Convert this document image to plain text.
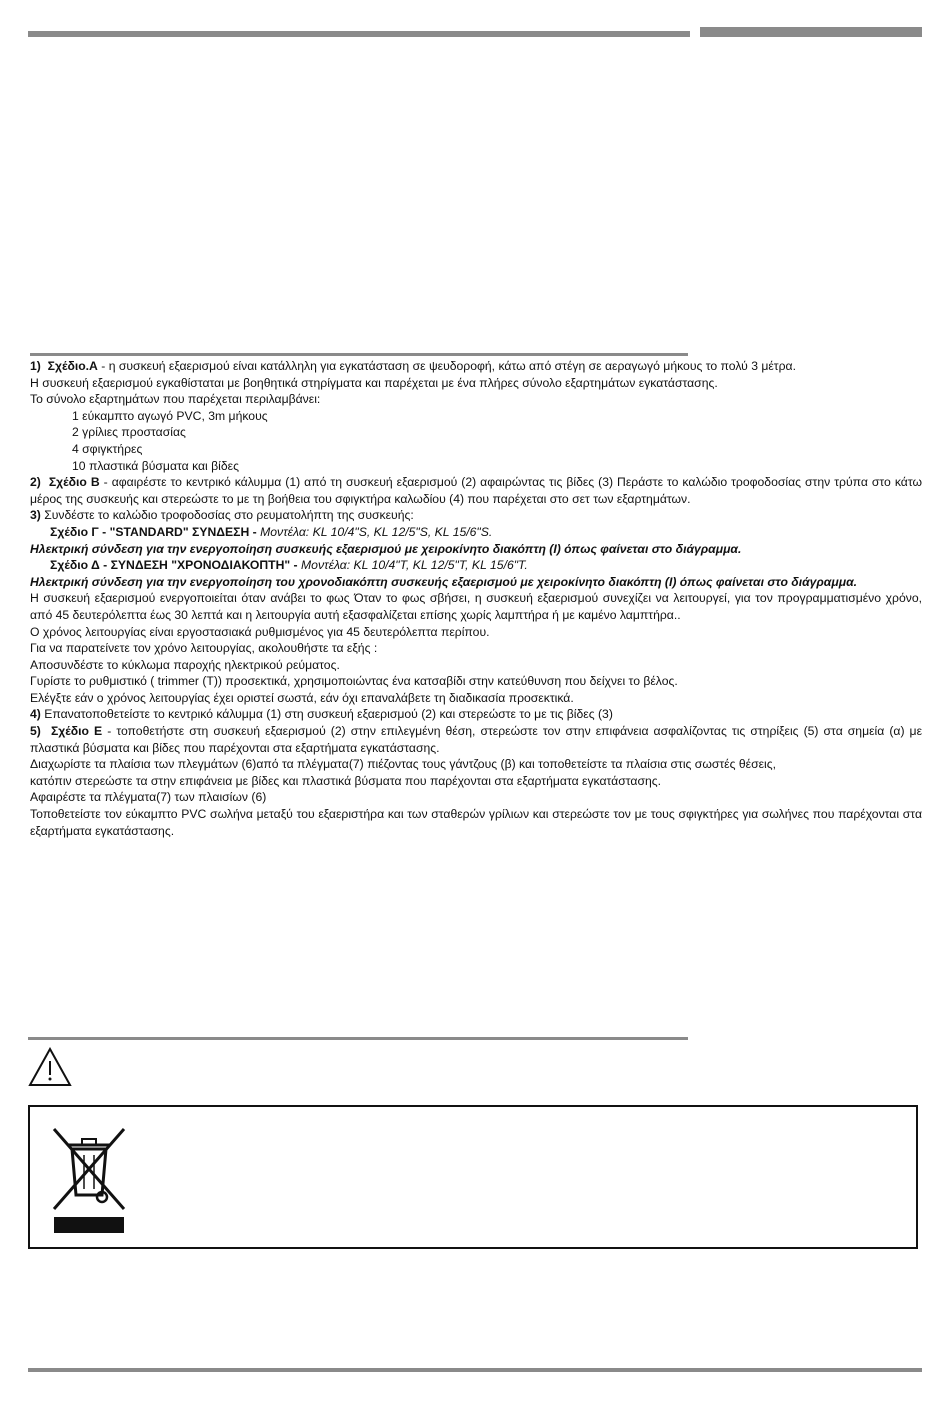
1) Σχέδιο.Α - η συσκευή εξαερισμού είναι κατάλληλη για εγκατάσταση σε ψευδοροφή, κάτω από στέγη σε αεραγωγό μήκους το πολύ 3 μέτρα.

Η συσκευή εξαερισμού εγκαθίσταται με βοηθητικά στηρίγματα και παρέχεται με ένα πλήρες σύνολο εξαρτημάτων εγκατάστασης.

Το σύνολο εξαρτημάτων που παρέχεται περιλαμβάνει:

1 εύκαμπτο αγωγό PVC, 3m μήκους

2 γρίλιες προστασίας

4 σφιγκτήρες

10 πλαστικά βύσματα και βίδες

2) Σχέδιο Β - αφαιρέστε το κεντρικό κάλυμμα (1) από τη συσκευή εξαερισμού (2) αφαιρώντας τις βίδες (3) Περάστε το καλώδιο τροφοδοσίας στην τρύπα στο κάτω μέρος της συσκευής και στερεώστε το με τη βοήθεια του σφιγκτήρα καλωδίου (4) που παρέχεται στο σετ των εξαρτημάτων.

3) Συνδέστε το καλώδιο τροφοδοσίας στο ρευματολήπτη της συσκευής:

Σχέδιο Γ - "STANDARD" ΣΥΝΔΕΣΗ - Μοντέλα: KL 10/4"S, KL 12/5"S, KL 15/6"S.

Ηλεκτρική σύνδεση για την ενεργοποίηση συσκευής εξαερισμού με χειροκίνητο διακόπτη (I) όπως φαίνεται στο διάγραμμα.

Σχέδιο Δ - ΣΥΝΔΕΣΗ "ΧΡΟΝΟΔΙΑΚΟΠΤΗ" - Μοντέλα: KL 10/4"T, KL 12/5"T, KL 15/6"T.

Ηλεκτρική σύνδεση για την ενεργοποίηση του χρονοδιακόπτη συσκευής εξαερισμού με χειροκίνητο διακόπτη (I) όπως φαίνεται στο διάγραμμα.

Η συσκευή εξαερισμού ενεργοποιείται όταν ανάβει το φως Όταν το φως σβήσει, η συσκευή εξαερισμού συνεχίζει να λειτουργεί, για τον προγραμματισμένο χρόνο, από 45 δευτερόλεπτα έως 30 λεπτά και η λειτουργία αυτή εξασφαλίζεται επίσης χωρίς λαμπτήρα ή με καμένο λαμπτήρα..

Ο χρόνος λειτουργίας είναι εργοστασιακά ρυθμισμένος για 45 δευτερόλεπτα περίπου.

Για να παρατείνετε τον χρόνο λειτουργίας, ακολουθήστε τα εξής :

Αποσυνδέστε το κύκλωμα παροχής ηλεκτρικού ρεύματος.

Γυρίστε το ρυθμιστικό ( trimmer (T)) προσεκτικά, χρησιμοποιώντας ένα κατσαβίδι στην κατεύθυνση που δείχνει το βέλος.

Ελέγξτε εάν ο χρόνος λειτουργίας έχει οριστεί σωστά, εάν όχι επαναλάβετε τη διαδικασία προσεκτικά.

4) Επανατοποθετείστε το κεντρικό κάλυμμα (1) στη συσκευή εξαερισμού (2) και στερεώστε το με τις βίδες (3)

5) Σχέδιο Ε - τοποθετήστε στη συσκευή εξαερισμού (2) στην επιλεγμένη θέση, στερεώστε τον στην επιφάνεια ασφαλίζοντας τις στηρίξεις (5) στα σημεία (α) με πλαστικά βύσματα και βίδες που παρέχονται στα εξαρτήματα εγκατάστασης.

Διαχωρίστε τα πλαίσια των πλεγμάτων (6)από τα πλέγματα(7) πιέζοντας τους γάντζους (β) και τοποθετείστε τα πλαίσια στις σωστές θέσεις,

κατόπιν στερεώστε τα στην επιφάνεια με βίδες και πλαστικά βύσματα που παρέχονται στα εξαρτήματα εγκατάστασης.

Αφαιρέστε τα πλέγματα(7) των πλαισίων (6)

Τοποθετείστε τον εύκαμπτο PVC σωλήνα μεταξύ του εξαεριστήρα και των σταθερών γρίλιων και στερεώστε τον με τους σφιγκτήρες για σωλήνες που παρέχονται στα εξαρτήματα εγκατάστασης.
